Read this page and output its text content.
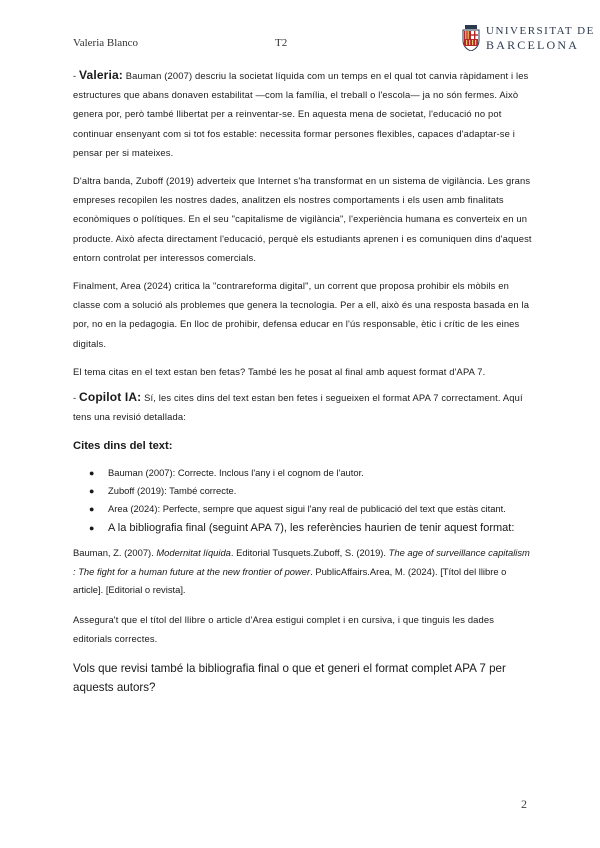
Valeria Blanco	T2
UNIVERSITAT DE
BARCELONA

- Valeria: Bauman (2007) descriu la societat líquida com un temps en el qual tot canvia ràpidament i les estructures que abans donaven estabilitat —com la família, el treball o l'escola— ja no són fermes. Això genera por, però també llibertat per a reinventar-se. En aquesta mena de societat, l'educació no pot continuar ensenyant com si tot fos estable: necessita formar persones flexibles, capaces d'adaptar-se i pensar per si mateixes.

D'altra banda, Zuboff (2019) adverteix que Internet s'ha transformat en un sistema de vigilància. Les grans empreses recopilen les nostres dades, analitzen els nostres comportaments i els usen amb finalitats econòmiques o polítiques. En el seu "capitalisme de vigilància", l'experiència humana es converteix en un producte. Això afecta directament l'educació, perquè els estudiants aprenen i es comuniquen dins d'aquest entorn controlat per interessos comercials.

Finalment, Area (2024) critica la "contrareforma digital", un corrent que proposa prohibir els mòbils en classe com a solució als problemes que genera la tecnologia. Per a ell, això és una resposta basada en la por, no en la pedagogia. En lloc de prohibir, defensa educar en l'ús responsable, ètic i crític de les eines digitals.

El tema citas en el text estan ben fetas? També les he posat al final amb aquest format d'APA 7.

- Copilot IA: Sí, les cites dins del text estan ben fetes i segueixen el format APA 7 correctament. Aquí tens una revisió detallada:

Cites dins del text:

● Bauman (2007): Correcte. Inclous l'any i el cognom de l'autor.
● Zuboff (2019): També correcte.
● Area (2024): Perfecte, sempre que aquest sigui l'any real de publicació del text que estàs citant.
● A la bibliografia final (seguint APA 7), les referències haurien de tenir aquest format:

Bauman, Z. (2007). Modernitat líquida. Editorial Tusquets.Zuboff, S. (2019). The age of surveillance capitalism : The fight for a human future at the new frontier of power. PublicAffairs.Area, M. (2024). [Títol del llibre o article]. [Editorial o revista].

Assegura't que el títol del llibre o article d'Area estigui complet i en cursiva, i que tinguis les dades editorials correctes.

Vols que revisi també la bibliografia final o que et generi el format complet APA 7 per aquests autors?

2
